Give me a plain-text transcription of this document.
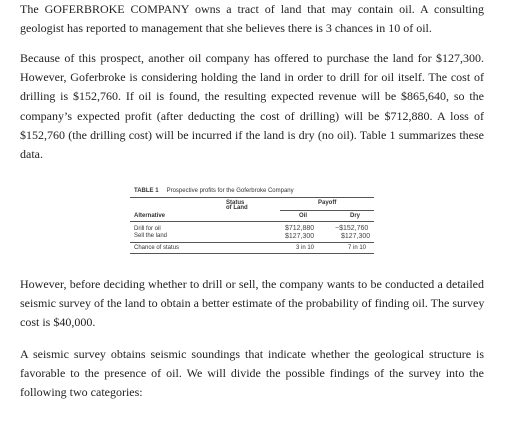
The GOFERBROKE COMPANY owns a tract of land that may contain oil. A consulting
geologist has reported to management that she believes there is 3 chances in 10 of oil.
Because of this prospect, another oil company has offered to purchase the land for $127,300.
However, Goferbroke is considering holding the land in order to drill for oil itself. The cost of
drilling is $152,760. If oil is found, the resulting expected revenue will be $865,640, so the
company’s expected profit (after deducting the cost of drilling) will be $712,880. A loss of
$152,760 (the drilling cost) will be incurred if the land is dry (no oil). Table 1 summarizes these
data.
TABLE 1 Prospective profits for the Goferbroke Company
Status
of Land
Payoff
Alternative	Oil	Dry
Drill for oil	$712,880	−$152,760
Sell the land	$127,300	$127,300
Chance of status	3 in 10	7 in 10
However, before deciding whether to drill or sell, the company wants to be conducted a detailed
seismic survey of the land to obtain a better estimate of the probability of finding oil. The survey
cost is $40,000.
A seismic survey obtains seismic soundings that indicate whether the geological structure is
favorable to the presence of oil. We will divide the possible findings of the survey into the
following two categories:
